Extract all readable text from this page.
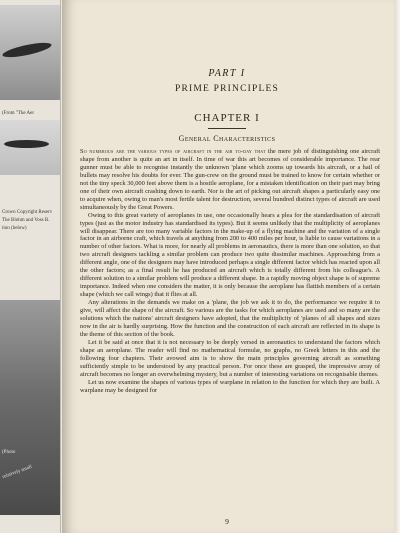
(From "The Aer
Crown Copyright Reserv
The Blohm and Voss B.
tion (below)
(Photo
relatively small
PART I
PRIME PRINCIPLES
CHAPTER I
General Characteristics

So numerous are the various types of aircraft in the air to-day that the mere job of distinguishing one aircraft shape from another is quite an art in itself. In time of war this art becomes of considerable importance. The rear gunner must be able to recognise instantly the unknown 'plane which zooms up towards his aircraft, or a hail of bullets may resolve his doubts for ever. The gun-crew on the ground must be trained to know for certain whether or not the tiny speck 30,000 feet above them is a hostile aeroplane, for a mistaken identification on their part may bring one of their own aircraft crashing down to earth. Nor is the art of picking out aircraft shapes a particularly easy one to acquire when, owing to man's most fertile talent for destruction, several hundred distinct types of aircraft are used simultaneously by the Great Powers.

Owing to this great variety of aeroplanes in use, one occasionally hears a plea for the standardisation of aircraft types (just as the motor industry has standardised its types). But it seems unlikely that the multiplicity of aeroplanes will disappear. There are too many variable factors in the make-up of a flying machine and the variation of a single factor in an airborne craft, which travels at anything from 200 to 400 miles per hour, is liable to cause variations in a number of other factors. What is more, for nearly all problems in aeronautics, there is more than one solution, so that two aircraft designers tackling a similar problem can produce two quite dissimilar machines. Approaching from a different angle, one of the designers may have introduced perhaps a single different factor which has reacted upon all the other factors; as a final result he has produced an aircraft which is totally different from his colleague's. A different solution to a similar problem will produce a different shape. In a rapidly moving object shape is of supreme importance. Indeed when one considers the matter, it is only because the aeroplane has flattish members of a certain shape (which we call wings) that it flies at all.

Any alterations in the demands we make on a 'plane, the job we ask it to do, the performance we require it to give, will affect the shape of the aircraft. So various are the tasks for which aeroplanes are used and so many are the solutions which the nations' aircraft designers have adopted, that the multiplicity of 'planes of all shapes and sizes now in the air is hardly surprising. How the function and the construction of each aircraft are reflected in its shape is the theme of this section of the book.

Let it be said at once that it is not necessary to be deeply versed in aeronautics to understand the factors which shape an aeroplane. The reader will find no mathematical formulæ, no graphs, no Greek letters in this and the following four chapters. Their avowed aim is to show the main principles governing aircraft as something sufficiently simple to be understood by any practical person. For once these are grasped, the impressive array of aircraft becomes no longer an overwhelming mystery, but a number of interesting variations on recognisable themes.

Let us now examine the shapes of various types of warplane in relation to the function for which they are built. A warplane may be designed for

9
